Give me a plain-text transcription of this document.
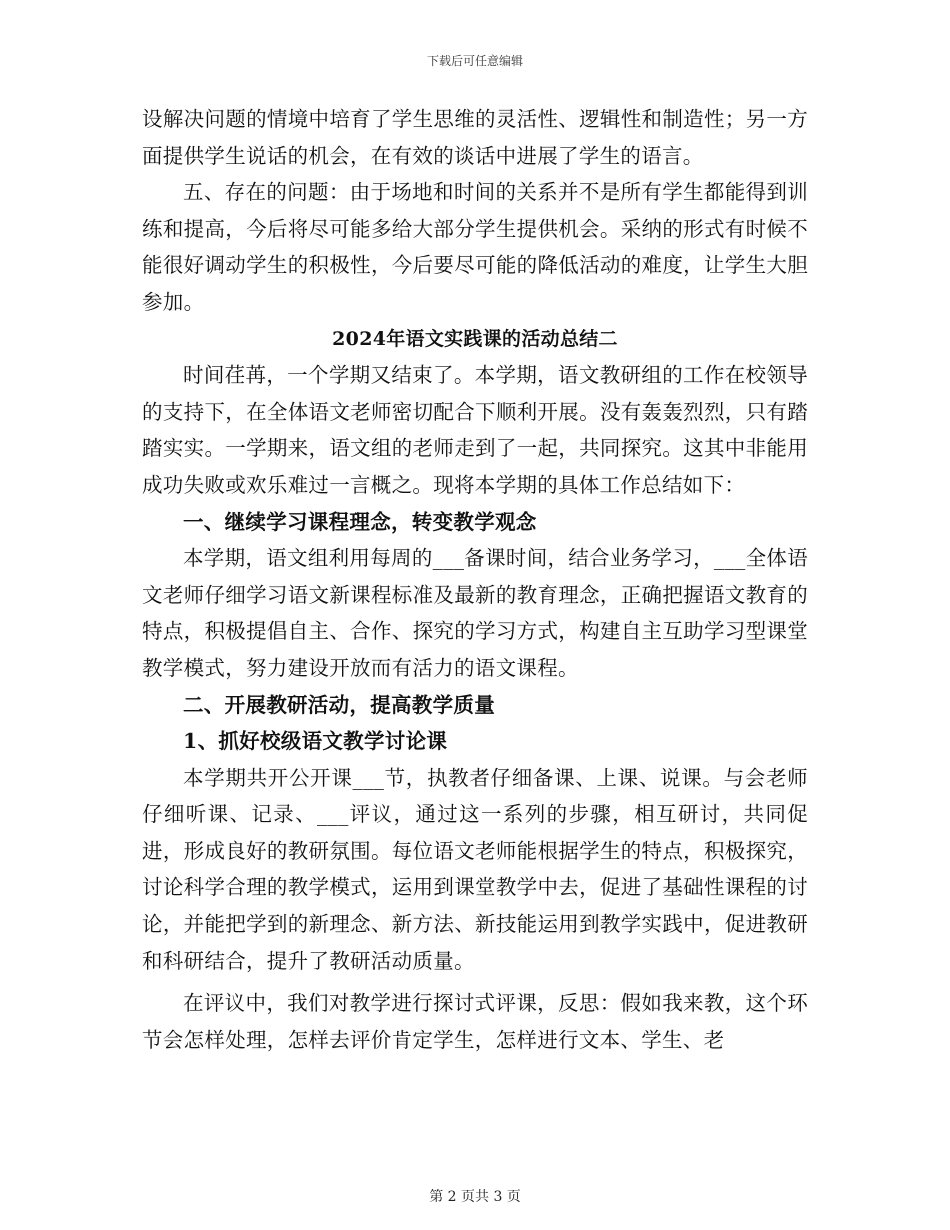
下载后可任意编辑

设解决问题的情境中培育了学生思维的灵活性、逻辑性和制造性；另一方面提供学生说话的机会，在有效的谈话中进展了学生的语言。

五、存在的问题：由于场地和时间的关系并不是所有学生都能得到训练和提高，今后将尽可能多给大部分学生提供机会。采纳的形式有时候不能很好调动学生的积极性，今后要尽可能的降低活动的难度，让学生大胆参加。

2024年语文实践课的活动总结二

时间荏苒，一个学期又结束了。本学期，语文教研组的工作在校领导的支持下，在全体语文老师密切配合下顺利开展。没有轰轰烈烈，只有踏踏实实。一学期来，语文组的老师走到了一起，共同探究。这其中非能用成功失败或欢乐难过一言概之。现将本学期的具体工作总结如下：

一、继续学习课程理念，转变教学观念

本学期，语文组利用每周的___备课时间，结合业务学习，___全体语文老师仔细学习语文新课程标准及最新的教育理念，正确把握语文教育的特点，积极提倡自主、合作、探究的学习方式，构建自主互助学习型课堂教学模式，努力建设开放而有活力的语文课程。

二、开展教研活动，提高教学质量

1、抓好校级语文教学讨论课

本学期共开公开课___节，执教者仔细备课、上课、说课。与会老师仔细听课、记录、___评议，通过这一系列的步骤，相互研讨，共同促进，形成良好的教研氛围。每位语文老师能根据学生的特点，积极探究，讨论科学合理的教学模式，运用到课堂教学中去，促进了基础性课程的讨论，并能把学到的新理念、新方法、新技能运用到教学实践中，促进教研和科研结合，提升了教研活动质量。

在评议中，我们对教学进行探讨式评课，反思：假如我来教，这个环节会怎样处理，怎样去评价肯定学生，怎样进行文本、学生、老

第 2 页共 3 页
